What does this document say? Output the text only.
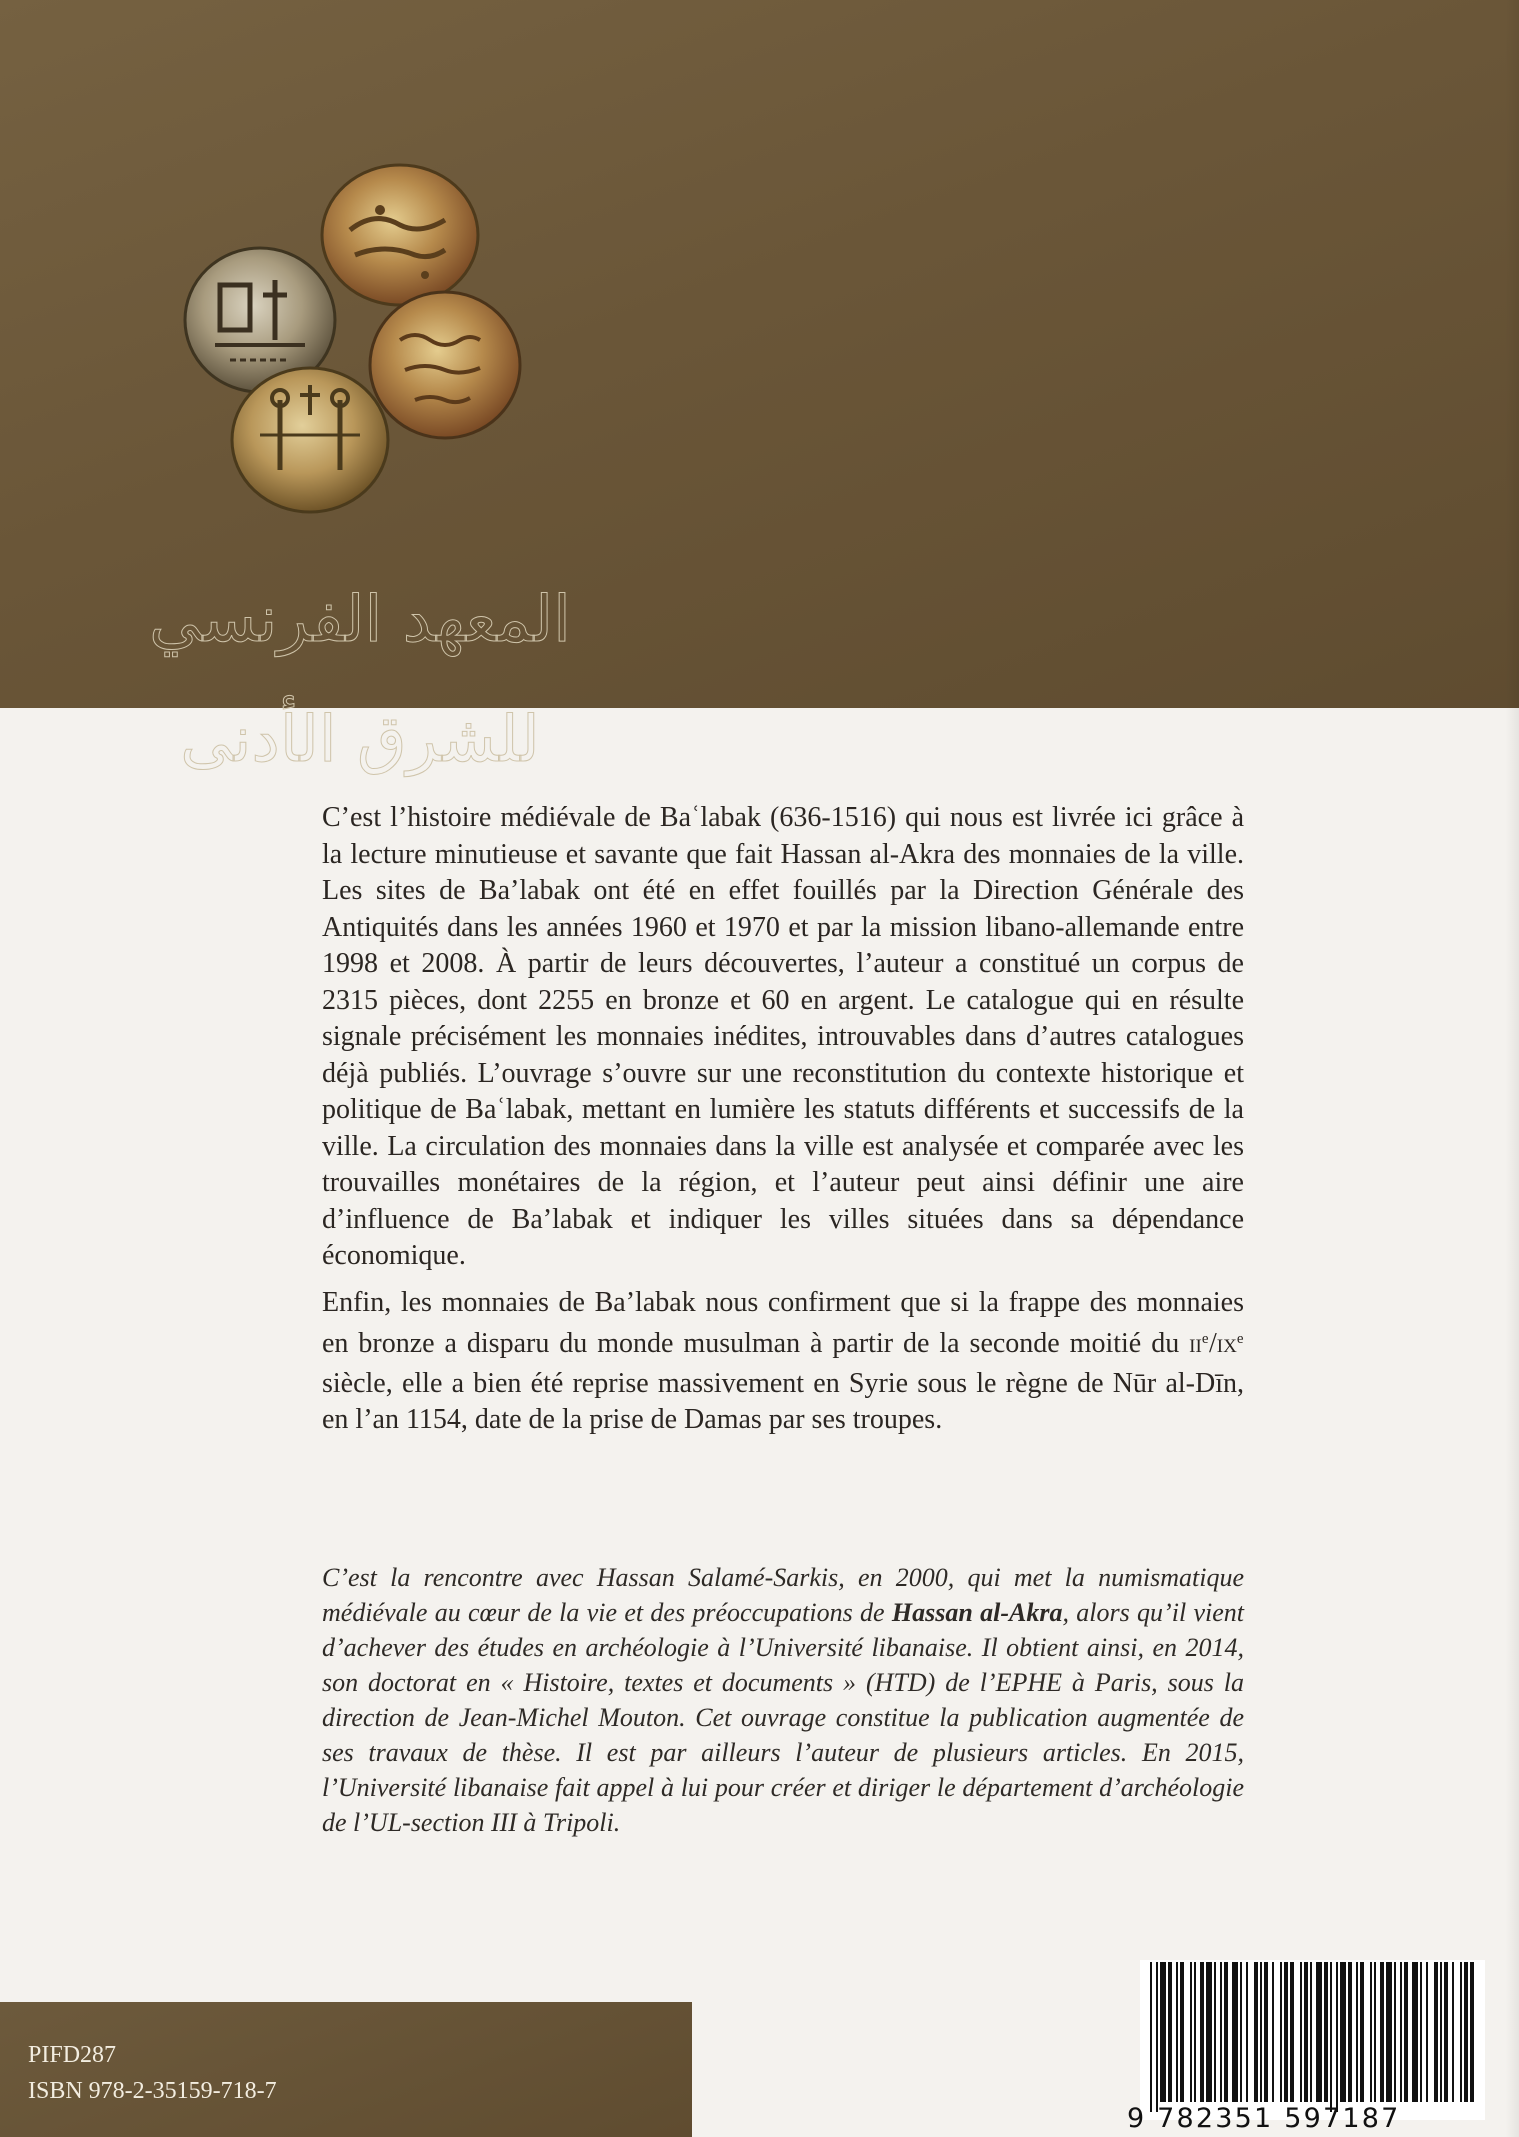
المعهد الفرنسي للشرق الأدنى

C’est l’histoire médiévale de Baʿlabak (636-1516) qui nous est livrée ici grâce à la lecture minutieuse et savante que fait Hassan al-Akra des monnaies de la ville. Les sites de Ba’labak ont été en effet fouillés par la Direction Générale des Antiquités dans les années 1960 et 1970 et par la mission libano-allemande entre 1998 et 2008. À partir de leurs découvertes, l’auteur a constitué un corpus de 2315 pièces, dont 2255 en bronze et 60 en argent. Le catalogue qui en résulte signale précisément les monnaies inédites, introuvables dans d’autres catalogues déjà publiés. L’ouvrage s’ouvre sur une reconstitution du contexte historique et politique de Baʿlabak, mettant en lumière les statuts différents et successifs de la ville. La circulation des monnaies dans la ville est analysée et comparée avec les trouvailles monétaires de la région, et l’auteur peut ainsi définir une aire d’influence de Ba’labak et indiquer les villes situées dans sa dépendance économique.

Enfin, les monnaies de Ba’labak nous confirment que si la frappe des monnaies en bronze a disparu du monde musulman à partir de la seconde moitié du IIe/IXe siècle, elle a bien été reprise massivement en Syrie sous le règne de Nūr al-Dīn, en l’an 1154, date de la prise de Damas par ses troupes.

C’est la rencontre avec Hassan Salamé-Sarkis, en 2000, qui met la numismatique médiévale au cœur de la vie et des préoccupations de Hassan al-Akra, alors qu’il vient d’achever des études en archéologie à l’Université libanaise. Il obtient ainsi, en 2014, son doctorat en « Histoire, textes et documents » (HTD) de l’EPHE à Paris, sous la direction de Jean-Michel Mouton. Cet ouvrage constitue la publication augmentée de ses travaux de thèse. Il est par ailleurs l’auteur de plusieurs articles. En 2015, l’Université libanaise fait appel à lui pour créer et diriger le département d’archéologie de l’UL-section III à Tripoli.

PIFD287
ISBN 978-2-35159-718-7
9 782351 597187
